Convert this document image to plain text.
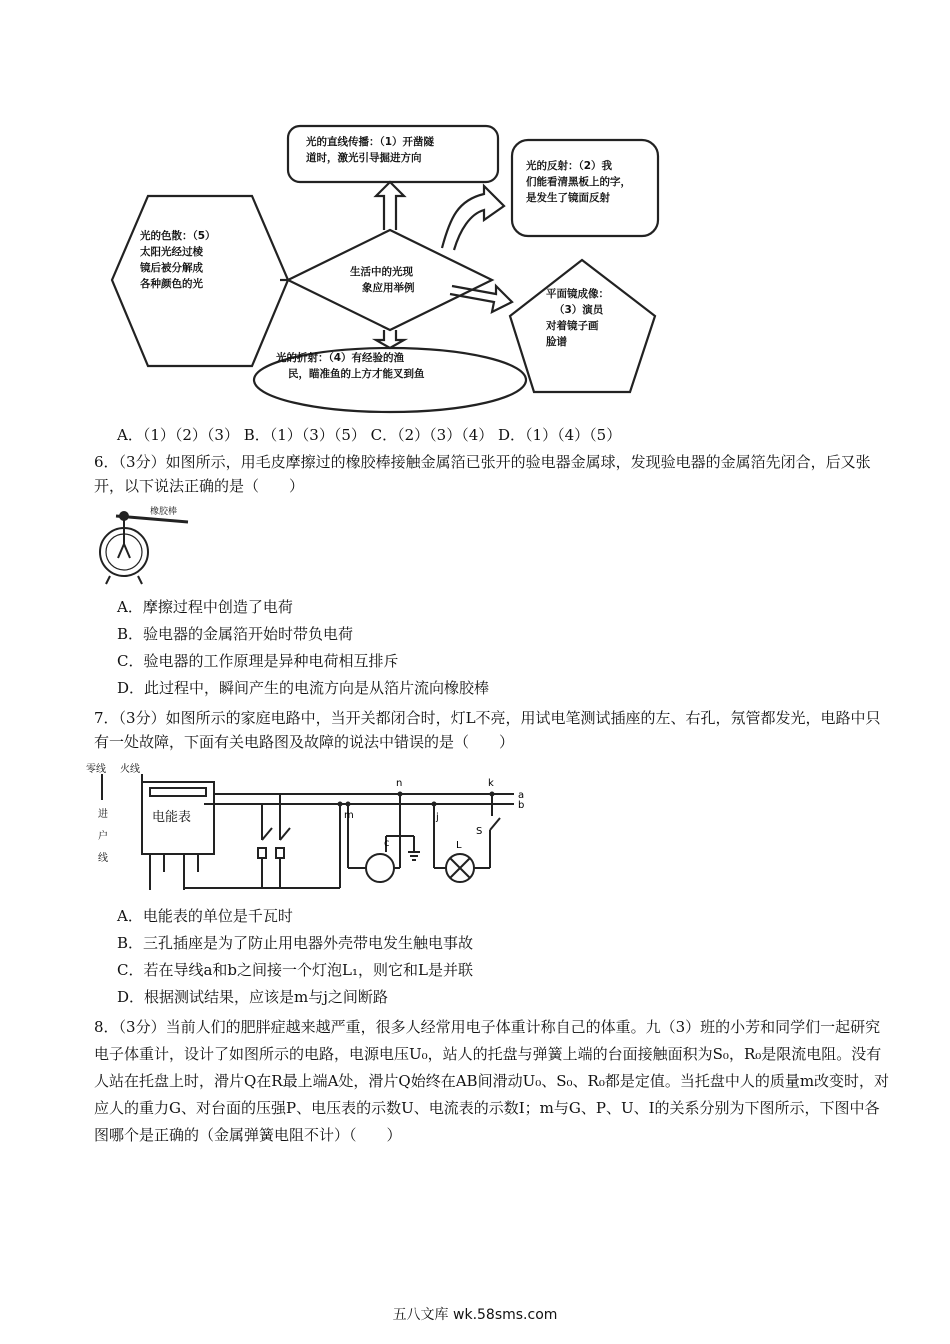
光的直线传播：（1）开凿隧
道时，激光引导掘进方向
光的反射：（2）我
们能看清黑板上的字，
是发生了镜面反射
光的色散：（5）
太阳光经过棱
镜后被分解成
各种颜色的光
生活中的光现
象应用举例	平面镜成像：
（3）演员
对着镜子画
脸谱
光的折射：（4）有经验的渔
民，瞄准鱼的上方才能叉到鱼
A．（1）（2）（3） B．（1）（3）（5） C．（2）（3）（4） D．（1）（4）（5）
6．（3分）如图所示，用毛皮摩擦过的橡胶棒接触金属箔已张开的验电器金属球，发现验电器的金属箔先闭合，后又张开，以下说法正确的是（　　）
橡胶棒
A．摩擦过程中创造了电荷
B．验电器的金属箔开始时带负电荷
C．验电器的工作原理是异种电荷相互排斥
D．此过程中，瞬间产生的电流方向是从箔片流向橡胶棒
7．（3分）如图所示的家庭电路中，当开关都闭合时，灯L不亮，用试电笔测试插座的左、右孔，氖管都发光，电路中只有一处故障，下面有关电路图及故障的说法中错误的是（　　）
n	k
a
b
m	j
c	L
S
零线 火线
进
户
线
电能表
A．电能表的单位是千瓦时
B．三孔插座是为了防止用电器外壳带电发生触电事故
C．若在导线a和b之间接一个灯泡L₁，则它和L是并联
D．根据测试结果，应该是m与j之间断路
8．（3分）当前人们的肥胖症越来越严重，很多人经常用电子体重计称自己的体重。九（3）班的小芳和同学们一起研究电子体重计，设计了如图所示的电路，电源电压U₀，站人的托盘与弹簧上端的台面接触面积为S₀，R₀是限流电阻。没有人站在托盘上时，滑片Q在R最上端A处，滑片Q始终在AB间滑动U₀、S₀、R₀都是定值。当托盘中人的质量m改变时，对应人的重力G、对台面的压强P、电压表的示数U、电流表的示数I；m与G、P、U、I的关系分别为下图所示，下图中各图哪个是正确的（金属弹簧电阻不计）（　　）
五八文库 wk.58sms.com
